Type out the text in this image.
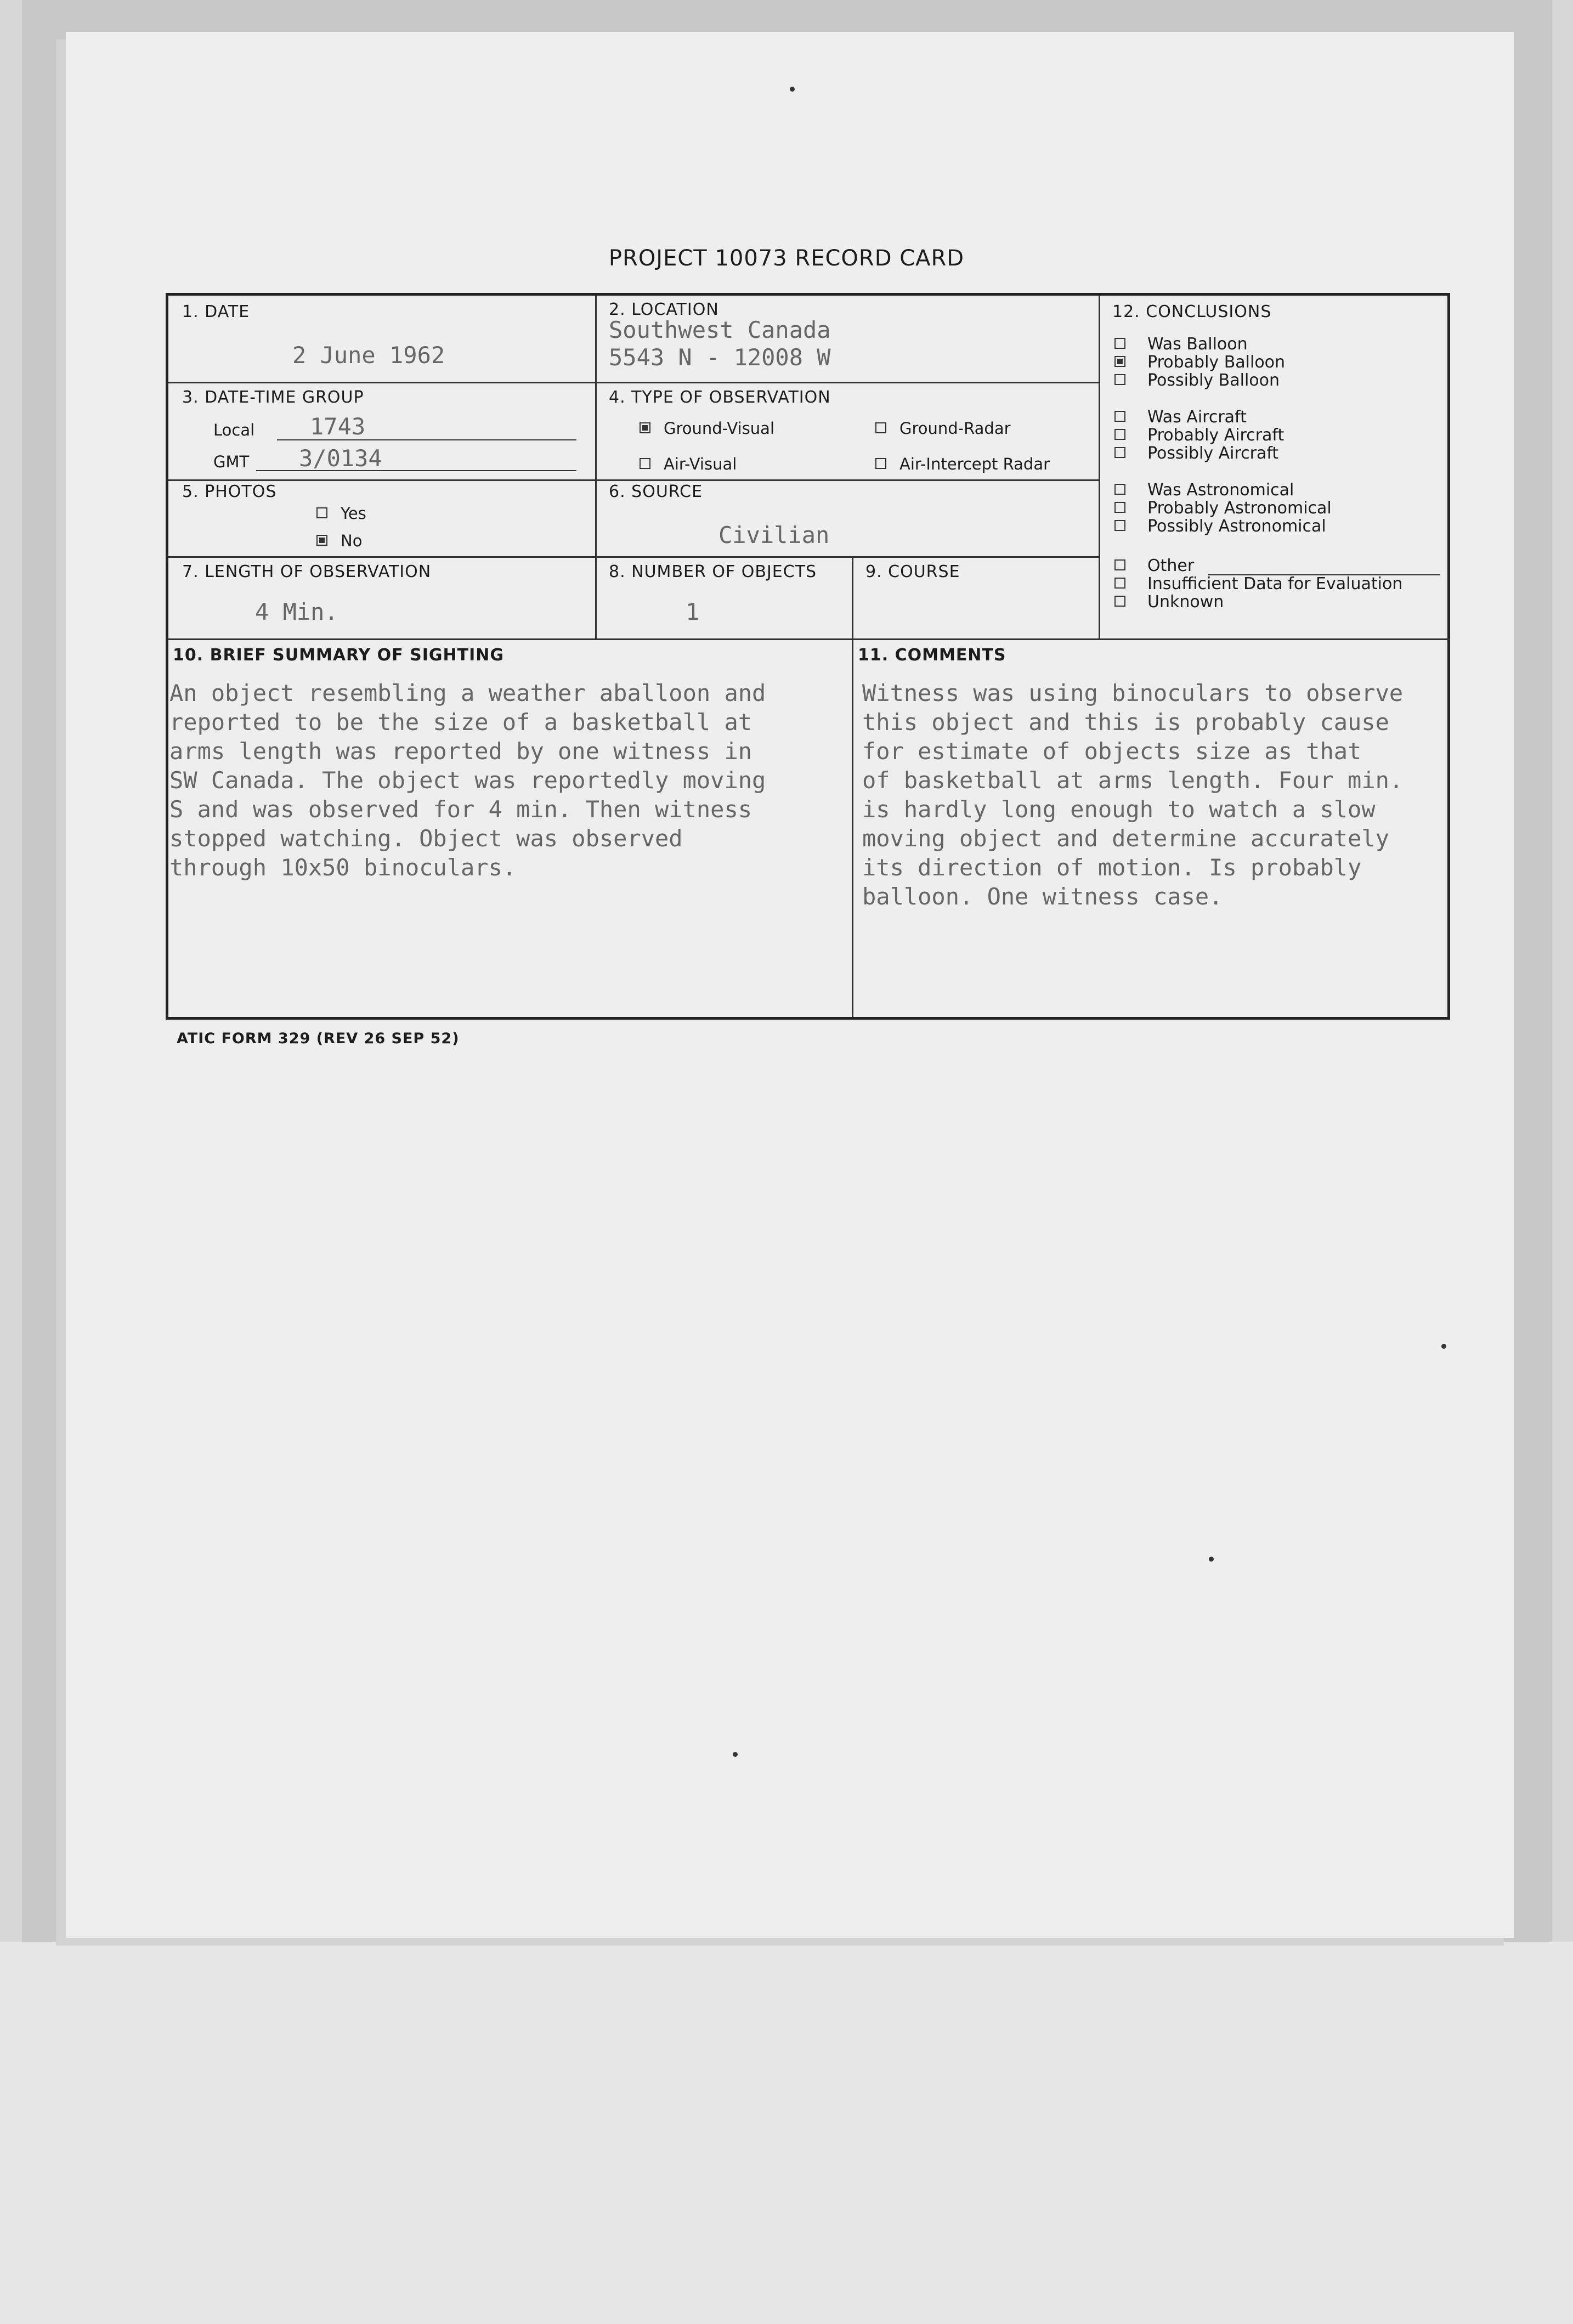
PROJECT 10073 RECORD CARD
1. DATE
2 June 1962
2. LOCATION
Southwest Canada
5543 N - 12008 W
3. DATE-TIME GROUP
Local 1743
GMT 3/0134
4. TYPE OF OBSERVATION
Ground-Visual	Ground-Radar
Air-Visual	Air-Intercept Radar
5. PHOTOS
Yes
No
6. SOURCE
Civilian
7. LENGTH OF OBSERVATION
4 Min.
8. NUMBER OF OBJECTS
1
9. COURSE
12. CONCLUSIONS
Was Balloon
Probably Balloon
Possibly Balloon
Was Aircraft
Probably Aircraft
Possibly Aircraft
Was Astronomical
Probably Astronomical
Possibly Astronomical
Other
Insufficient Data for Evaluation
Unknown
10. BRIEF SUMMARY OF SIGHTING
An object resembling a weather aballoon and
reported to be the size of a basketball at
arms length was reported by one witness in
SW Canada. The object was reportedly moving
S and was observed for 4 min. Then witness
stopped watching. Object was observed
through 10x50 binoculars.
11. COMMENTS
Witness was using binoculars to observe
this object and this is probably cause
for estimate of objects size as that
of basketball at arms length. Four min.
is hardly long enough to watch a slow
moving object and determine accurately
its direction of motion. Is probably
balloon. One witness case.
ATIC FORM 329 (REV 26 SEP 52)
